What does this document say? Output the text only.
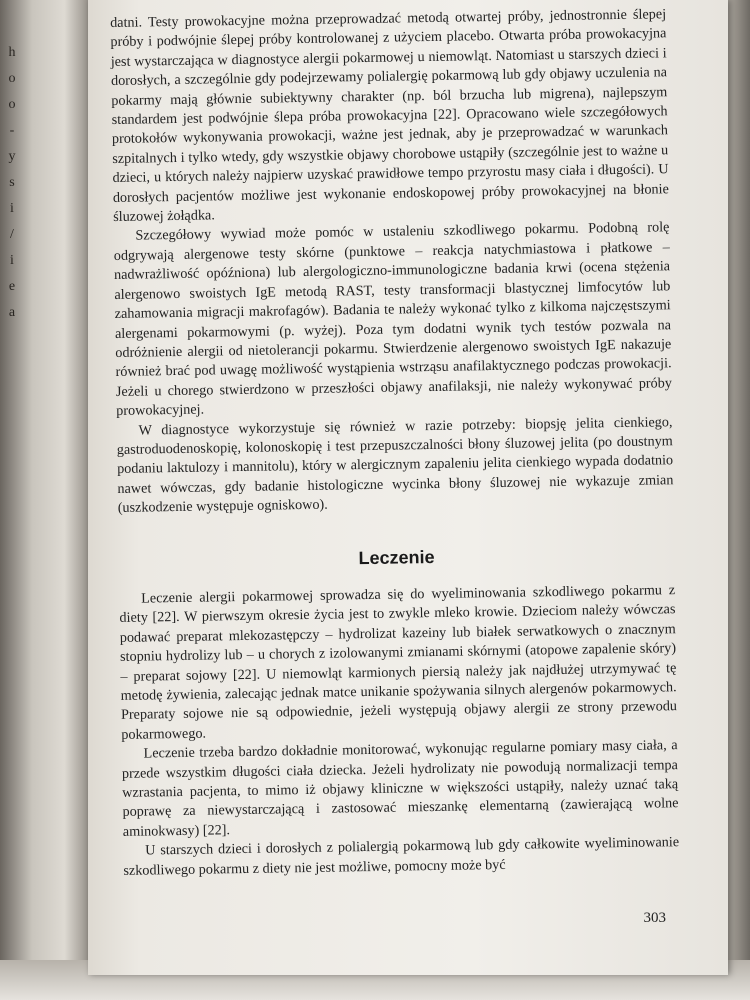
h
o
o
-
y
s
i
/
i
e
a

datni. Testy prowokacyjne można przeprowadzać metodą otwartej próby, jednostronnie ślepej próby i podwójnie ślepej próby kontrolowanej z użyciem placebo. Otwarta próba prowokacyjna jest wystarczająca w diagnostyce alergii pokarmowej u niemowląt. Natomiast u starszych dzieci i dorosłych, a szczególnie gdy podejrzewamy polialergię pokarmową lub gdy objawy uczulenia na pokarmy mają głównie subiektywny charakter (np. ból brzucha lub migrena), najlepszym standardem jest podwójnie ślepa próba prowokacyjna [22]. Opracowano wiele szczegółowych protokołów wykonywania prowokacji, ważne jest jednak, aby je przeprowadzać w warunkach szpitalnych i tylko wtedy, gdy wszystkie objawy chorobowe ustąpiły (szczególnie jest to ważne u dzieci, u których należy najpierw uzyskać prawidłowe tempo przyrostu masy ciała i długości). U dorosłych pacjentów możliwe jest wykonanie endoskopowej próby prowokacyjnej na błonie śluzowej żołądka.

Szczegółowy wywiad może pomóc w ustaleniu szkodliwego pokarmu. Podobną rolę odgrywają alergenowe testy skórne (punktowe – reakcja natychmiastowa i płatkowe – nadwrażliwość opóźniona) lub alergologiczno-immunologiczne badania krwi (ocena stężenia alergenowo swoistych IgE metodą RAST, testy transformacji blastycznej limfocytów lub zahamowania migracji makrofagów). Badania te należy wykonać tylko z kilkoma najczęstszymi alergenami pokarmowymi (p. wyżej). Poza tym dodatni wynik tych testów pozwala na odróżnienie alergii od nietolerancji pokarmu. Stwierdzenie alergenowo swoistych IgE nakazuje również brać pod uwagę możliwość wystąpienia wstrząsu anafilaktycznego podczas prowokacji. Jeżeli u chorego stwierdzono w przeszłości objawy anafilaksji, nie należy wykonywać próby prowokacyjnej.

W diagnostyce wykorzystuje się również w razie potrzeby: biopsję jelita cienkiego, gastroduodenoskopię, kolonoskopię i test przepuszczalności błony śluzowej jelita (po doustnym podaniu laktulozy i mannitolu), który w alergicznym zapaleniu jelita cienkiego wypada dodatnio nawet wówczas, gdy badanie histologiczne wycinka błony śluzowej nie wykazuje zmian (uszkodzenie występuje ogniskowo).

Leczenie

Leczenie alergii pokarmowej sprowadza się do wyeliminowania szkodliwego pokarmu z diety [22]. W pierwszym okresie życia jest to zwykle mleko krowie. Dzieciom należy wówczas podawać preparat mlekozastępczy – hydrolizat kazeiny lub białek serwatkowych o znacznym stopniu hydrolizy lub – u chorych z izolowanymi zmianami skórnymi (atopowe zapalenie skóry) – preparat sojowy [22]. U niemowląt karmionych piersią należy jak najdłużej utrzymywać tę metodę żywienia, zalecając jednak matce unikanie spożywania silnych alergenów pokarmowych. Preparaty sojowe nie są odpowiednie, jeżeli występują objawy alergii ze strony przewodu pokarmowego.

Leczenie trzeba bardzo dokładnie monitorować, wykonując regularne pomiary masy ciała, a przede wszystkim długości ciała dziecka. Jeżeli hydrolizaty nie powodują normalizacji tempa wzrastania pacjenta, to mimo iż objawy kliniczne w większości ustąpiły, należy uznać taką poprawę za niewystarczającą i zastosować mieszankę elementarną (zawierającą wolne aminokwasy) [22].

U starszych dzieci i dorosłych z polialergią pokarmową lub gdy całkowite wyeliminowanie szkodliwego pokarmu z diety nie jest możliwe, pomocny może być

303
